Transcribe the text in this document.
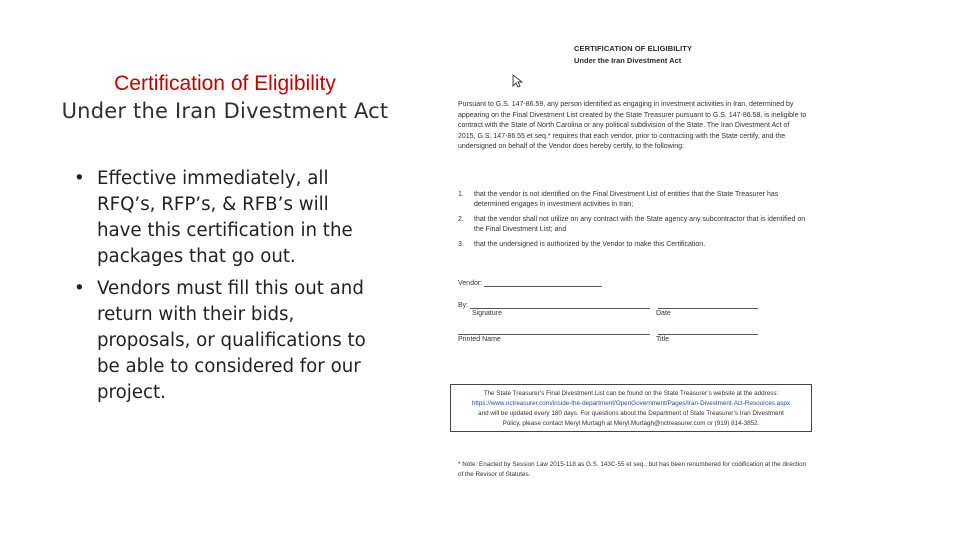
Certification of Eligibility
Under the Iran Divestment Act
• Effective immediately, all RFQ’s, RFP’s, & RFB’s will have this certification in the packages that go out.
• Vendors must fill this out and return with their bids, proposals, or qualifications to be able to considered for our project.
CERTIFICATION OF ELIGIBILITY
Under the Iran Divestment Act
Pursuant to G.S. 147-86.59, any person identified as engaging in investment activities in Iran, determined by appearing on the Final Divestment List created by the State Treasurer pursuant to G.S. 147-86.58, is ineligible to contract with the State of North Carolina or any political subdivision of the State. The Iran Divestment Act of 2015, G.S. 147-86.55 et seq.* requires that each vendor, prior to contracting with the State certify, and the undersigned on behalf of the Vendor does hereby certify, to the following:
1. that the vendor is not identified on the Final Divestment List of entities that the State Treasurer has determined engages in investment activities in Iran;
2. that the vendor shall not utilize on any contract with the State agency any subcontractor that is identified on the Final Divestment List; and
3. that the undersigned is authorized by the Vendor to make this Certification.
Vendor:
By:
Signature	Date

Printed Name	Title
The State Treasurer’s Final Divestment List can be found on the State Treasurer’s website at the address:
https://www.nctreasurer.com/inside-the-department/OpenGovernment/Pages/Iran-Divestment-Act-Resources.aspx
and will be updated every 180 days. For questions about the Department of State Treasurer’s Iran Divestment
Policy, please contact Meryl Murtagh at Meryl.Murtagh@nctreasurer.com or (919) 814-3852.
* Note: Enacted by Session Law 2015-118 as G.S. 143C-55 et seq., but has been renumbered for codification at the direction of the Revisor of Statutes.
